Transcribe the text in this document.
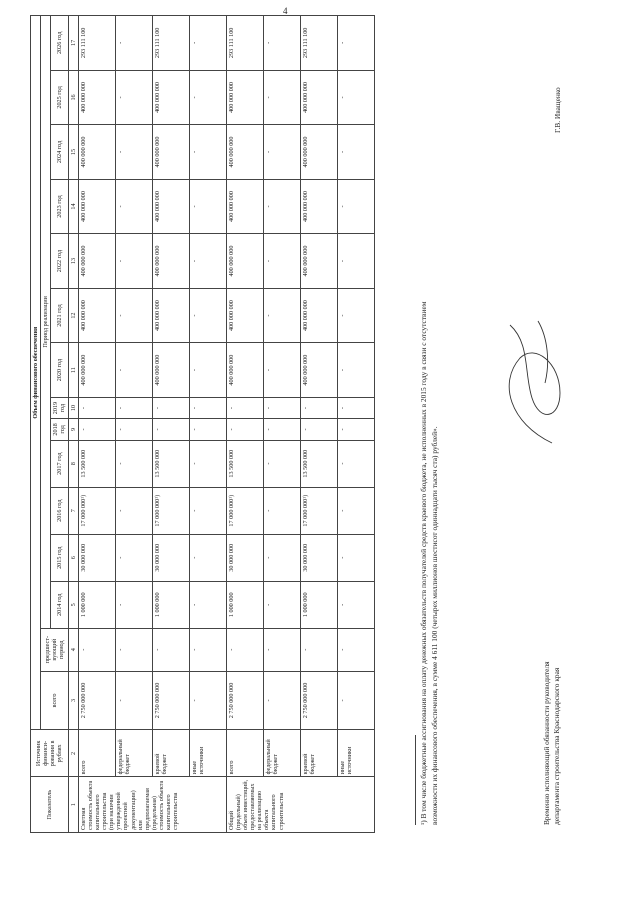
4
Показатель	Источник финанси-рования в рублях	Объем финансового обеспечения														
		всего	предшест-вующий период	Период реализации												
				2014 год	2015 год	2016 год	2017 год	2018 год	2019 год	2020 год	2021 год	2022 год	2023 год	2024 год	2025 год	2026 год
1	2	3	4	5	6	7	8	9	10	11	12	13	14	15	16	17
Сметная стоимость объекта капитального строительства (при наличии утвержденной проектной документации) или предполагаемая (предельная) стоимость объекта капитального строительства	всего	2 750 000 000	-	1 000 000	30 000 000	17 000 000¹)	13 500 000	-	-	400 000 000	400 000 000	400 000 000	400 000 000	400 000 000	400 000 000	293 111 100
	федеральный бюджет	-	-	-	-	-	-	-	-	-	-	-	-	-	-	-
	краевой бюджет	2 750 000 000	-	1 000 000	30 000 000	17 000 000¹)	13 500 000	-	-	400 000 000	400 000 000	400 000 000	400 000 000	400 000 000	400 000 000	293 111 100
	иные источники	-	-	-	-	-	-	-	-	-	-	-	-	-	-	-
Общий (предельный) объем инвестиций, предоставляемых на реализацию объекта капитального строительства	всего	2 750 000 000	-	1 000 000	30 000 000	17 000 000¹)	13 500 000	-	-	400 000 000	400 000 000	400 000 000	400 000 000	400 000 000	400 000 000	293 111 100
	федеральный бюджет	-	-	-	-	-	-	-	-	-	-	-	-	-	-	-
	краевой бюджет	2 750 000 000	-	1 000 000	30 000 000	17 000 000¹)	13 500 000	-	-	400 000 000	400 000 000	400 000 000	400 000 000	400 000 000	400 000 000	293 111 100
	иные источники	-	-	-	-	-	-	-	-	-	-	-	-	-	-	-
¹) В том числе бюджетные ассигнования на оплату денежных обязательств получателей средств краевого бюджета, не исполненных в 2015 году в связи с отсутствием возможности их финансового обеспечения, в сумме 4 611 100 (четырех миллионов шестисот одиннадцати тысяч ста) рублей».	Временно исполняющий обязанности руководителя департамента строительства Краснодарского края
Г.В. Иващенко
